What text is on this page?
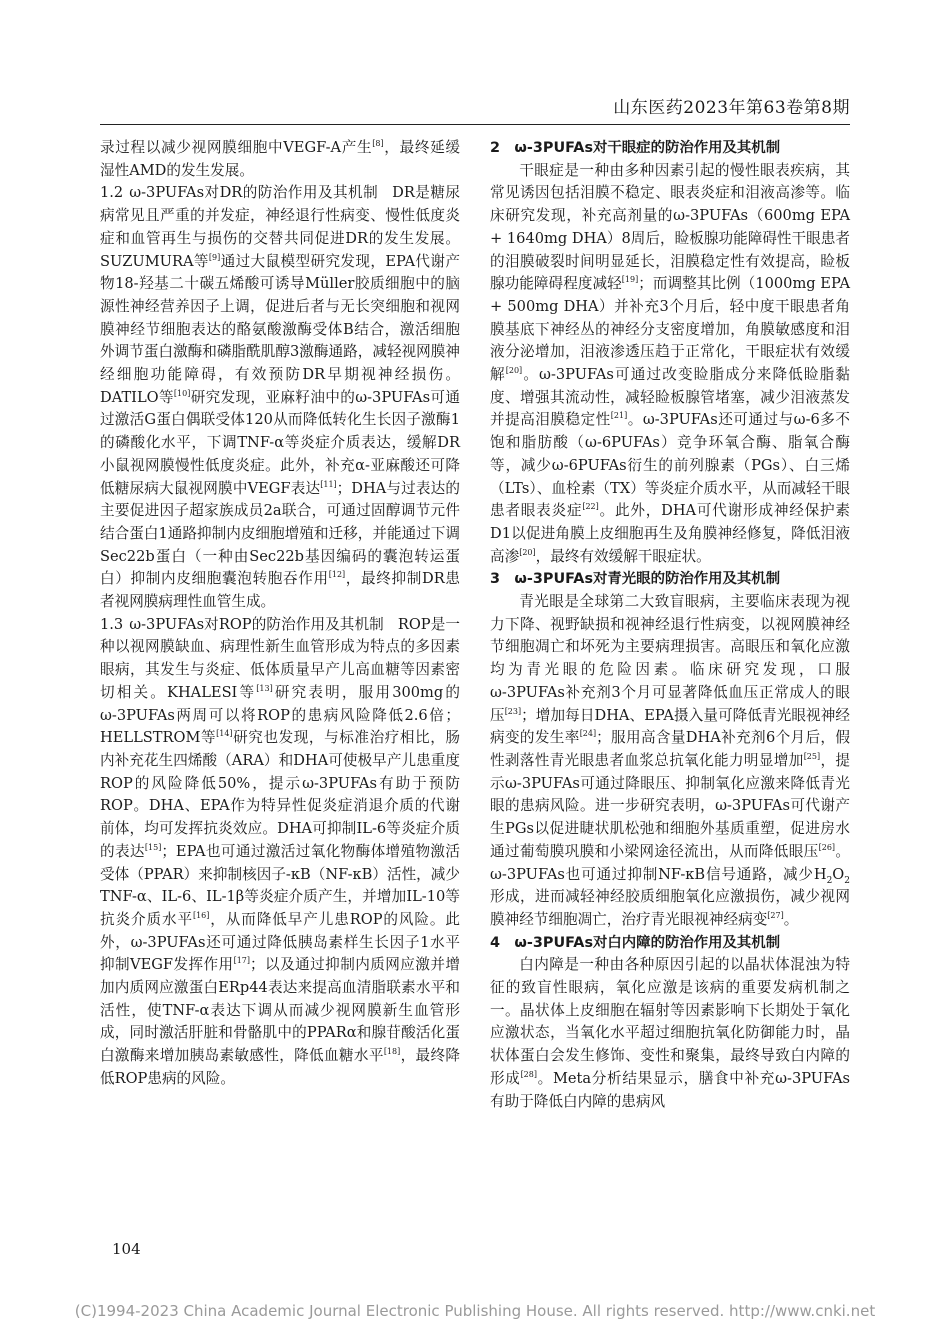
山东医药2023年第63卷第8期

录过程以减少视网膜细胞中VEGF-A产生[8]，最终延缓湿性AMD的发生发展。

1.2 ω-3PUFAs对DR的防治作用及其机制 DR是糖尿病常见且严重的并发症，神经退行性病变、慢性低度炎症和血管再生与损伤的交替共同促进DR的发生发展。SUZUMURA等[9]通过大鼠模型研究发现，EPA代谢产物18-羟基二十碳五烯酸可诱导Müller胶质细胞中的脑源性神经营养因子上调，促进后者与无长突细胞和视网膜神经节细胞表达的酪氨酸激酶受体B结合，激活细胞外调节蛋白激酶和磷脂酰肌醇3激酶通路，减轻视网膜神经细胞功能障碍，有效预防DR早期视神经损伤。DATILO等[10]研究发现，亚麻籽油中的ω-3PUFAs可通过激活G蛋白偶联受体120从而降低转化生长因子激酶1的磷酸化水平，下调TNF-α等炎症介质表达，缓解DR小鼠视网膜慢性低度炎症。此外，补充α-亚麻酸还可降低糖尿病大鼠视网膜中VEGF表达[11]；DHA与过表达的主要促进因子超家族成员2a联合，可通过固醇调节元件结合蛋白1通路抑制内皮细胞增殖和迁移，并能通过下调Sec22b蛋白（一种由Sec22b基因编码的囊泡转运蛋白）抑制内皮细胞囊泡转胞吞作用[12]，最终抑制DR患者视网膜病理性血管生成。

1.3 ω-3PUFAs对ROP的防治作用及其机制 ROP是一种以视网膜缺血、病理性新生血管形成为特点的多因素眼病，其发生与炎症、低体质量早产儿高血糖等因素密切相关。KHALESI等[13]研究表明，服用300mg的ω-3PUFAs两周可以将ROP的患病风险降低2.6倍；HELLSTROM等[14]研究也发现，与标准治疗相比，肠内补充花生四烯酸（ARA）和DHA可使极早产儿患重度ROP的风险降低50%，提示ω-3PUFAs有助于预防ROP。DHA、EPA作为特异性促炎症消退介质的代谢前体，均可发挥抗炎效应。DHA可抑制IL-6等炎症介质的表达[15]；EPA也可通过激活过氧化物酶体增殖物激活受体（PPAR）来抑制核因子-κB（NF-κB）活性，减少TNF-α、IL-6、IL-1β等炎症介质产生，并增加IL-10等抗炎介质水平[16]，从而降低早产儿患ROP的风险。此外，ω-3PUFAs还可通过降低胰岛素样生长因子1水平抑制VEGF发挥作用[17]；以及通过抑制内质网应激并增加内质网应激蛋白ERp44表达来提高血清脂联素水平和活性，使TNF-α表达下调从而减少视网膜新生血管形成，同时激活肝脏和骨骼肌中的PPARα和腺苷酸活化蛋白激酶来增加胰岛素敏感性，降低血糖水平[18]，最终降低ROP患病的风险。

2　ω-3PUFAs对干眼症的防治作用及其机制

干眼症是一种由多种因素引起的慢性眼表疾病，其常见诱因包括泪膜不稳定、眼表炎症和泪液高渗等。临床研究发现，补充高剂量的ω-3PUFAs（600mg EPA + 1640mg DHA）8周后，睑板腺功能障碍性干眼患者的泪膜破裂时间明显延长，泪膜稳定性有效提高，睑板腺功能障碍程度减轻[19]；而调整其比例（1000mg EPA + 500mg DHA）并补充3个月后，轻中度干眼患者角膜基底下神经丛的神经分支密度增加，角膜敏感度和泪液分泌增加，泪液渗透压趋于正常化，干眼症状有效缓解[20]。ω-3PUFAs可通过改变睑脂成分来降低睑脂黏度、增强其流动性，减轻睑板腺管堵塞，减少泪液蒸发并提高泪膜稳定性[21]。ω-3PUFAs还可通过与ω-6多不饱和脂肪酸（ω-6PUFAs）竞争环氧合酶、脂氧合酶等，减少ω-6PUFAs衍生的前列腺素（PGs）、白三烯（LTs）、血栓素（TX）等炎症介质水平，从而减轻干眼患者眼表炎症[22]。此外，DHA可代谢形成神经保护素D1以促进角膜上皮细胞再生及角膜神经修复，降低泪液高渗[20]，最终有效缓解干眼症状。

3　ω-3PUFAs对青光眼的防治作用及其机制

青光眼是全球第二大致盲眼病，主要临床表现为视力下降、视野缺损和视神经退行性病变，以视网膜神经节细胞凋亡和坏死为主要病理损害。高眼压和氧化应激均为青光眼的危险因素。临床研究发现，口服ω-3PUFAs补充剂3个月可显著降低血压正常成人的眼压[23]；增加每日DHA、EPA摄入量可降低青光眼视神经病变的发生率[24]；服用高含量DHA补充剂6个月后，假性剥落性青光眼患者血浆总抗氧化能力明显增加[25]，提示ω-3PUFAs可通过降眼压、抑制氧化应激来降低青光眼的患病风险。进一步研究表明，ω-3PUFAs可代谢产生PGs以促进睫状肌松弛和细胞外基质重塑，促进房水通过葡萄膜巩膜和小梁网途径流出，从而降低眼压[26]。ω-3PUFAs也可通过抑制NF-κB信号通路，减少$H_2O_2$形成，进而减轻神经胶质细胞氧化应激损伤，减少视网膜神经节细胞凋亡，治疗青光眼视神经病变[27]。

4　ω-3PUFAs对白内障的防治作用及其机制

白内障是一种由各种原因引起的以晶状体混浊为特征的致盲性眼病，氧化应激是该病的重要发病机制之一。晶状体上皮细胞在辐射等因素影响下长期处于氧化应激状态，当氧化水平超过细胞抗氧化防御能力时，晶状体蛋白会发生修饰、变性和聚集，最终导致白内障的形成[28]。Meta分析结果显示，膳食中补充ω-3PUFAs有助于降低白内障的患病风

104
(C)1994-2023 China Academic Journal Electronic Publishing House. All rights reserved. http://www.cnki.net
